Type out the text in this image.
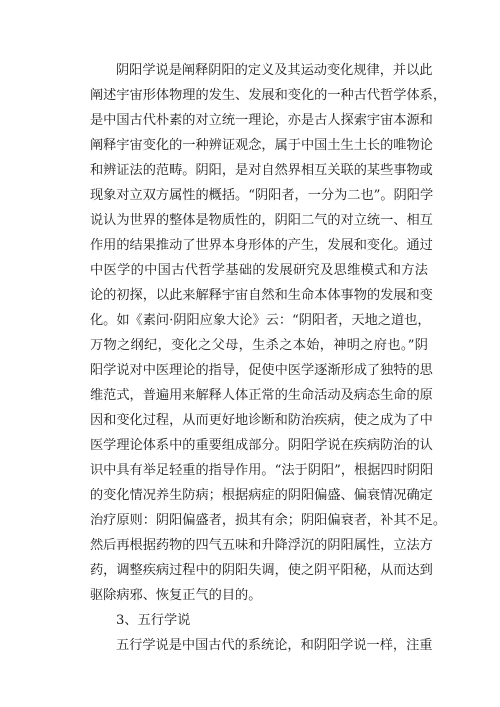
阴阳学说是阐释阴阳的定义及其运动变化规律，并以此
阐述宇宙形体物理的发生、发展和变化的一种古代哲学体系，
是中国古代朴素的对立统一理论，亦是古人探索宇宙本源和
阐释宇宙变化的一种辨证观念，属于中国土生土长的唯物论
和辨证法的范畴。阴阳，是对自然界相互关联的某些事物或
现象对立双方属性的概括。“阴阳者，一分为二也”。阴阳学
说认为世界的整体是物质性的，阴阳二气的对立统一、相互
作用的结果推动了世界本身形体的产生，发展和变化。通过
中医学的中国古代哲学基础的发展研究及思维模式和方法
论的初探，以此来解释宇宙自然和生命本体事物的发展和变
化。如《素问·阴阳应象大论》云：“阴阳者，天地之道也，
万物之纲纪，变化之父母，生杀之本始，神明之府也。”阴
阳学说对中医理论的指导，促使中医学逐渐形成了独特的思
维范式，普遍用来解释人体正常的生命活动及病态生命的原
因和变化过程，从而更好地诊断和防治疾病，使之成为了中
医学理论体系中的重要组成部分。阴阳学说在疾病防治的认
识中具有举足轻重的指导作用。“法于阴阳”，根据四时阴阳
的变化情况养生防病；根据病症的阴阳偏盛、偏衰情况确定
治疗原则：阴阳偏盛者，损其有余；阴阳偏衰者，补其不足。
然后再根据药物的四气五味和升降浮沉的阴阳属性，立法方
药，调整疾病过程中的阴阳失调，使之阴平阳秘，从而达到
驱除病邪、恢复正气的目的。
3、五行学说
五行学说是中国古代的系统论，和阴阳学说一样，注重
